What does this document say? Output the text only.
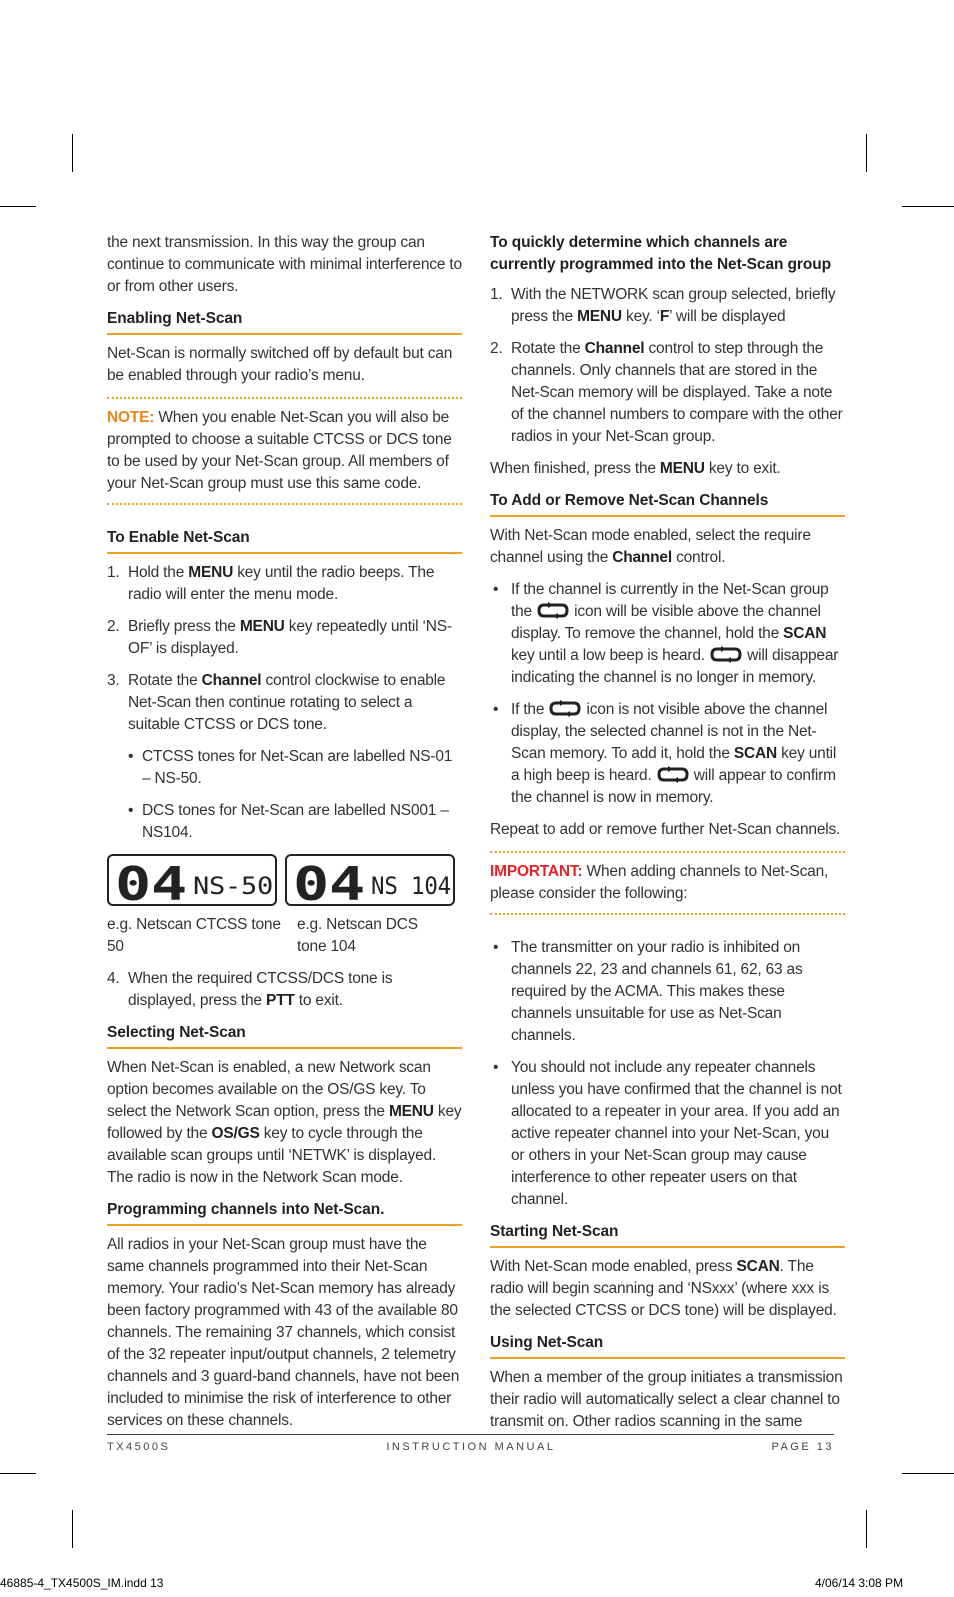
the next transmission. In this way the group can continue to communicate with minimal interference to or from other users.

Enabling Net-Scan

Net-Scan is normally switched off by default but can be enabled through your radio’s menu.

NOTE: When you enable Net-Scan you will also be prompted to choose a suitable CTCSS or DCS tone to be used by your Net-Scan group. All members of your Net-Scan group must use this same code.
To Enable Net-Scan
1. Hold the MENU key until the radio beeps. The radio will enter the menu mode.
2. Briefly press the MENU key repeatedly until ‘NS-OF’ is displayed.
3. Rotate the Channel control clockwise to enable Net-Scan then continue rotating to select a suitable CTCSS or DCS tone.
• CTCSS tones for Net-Scan are labelled NS-01 – NS-50.
• DCS tones for Net-Scan are labelled NS001 – NS104.
04 NS-50 04 NS 104
e.g. Netscan CTCSS tone 50
e.g. Netscan DCS tone 104
4. When the required CTCSS/DCS tone is displayed, press the PTT to exit.
Selecting Net-Scan

When Net-Scan is enabled, a new Network scan option becomes available on the OS/GS key. To select the Network Scan option, press the MENU key followed by the OS/GS key to cycle through the available scan groups until ‘NETWK’ is displayed.

The radio is now in the Network Scan mode.

Programming channels into Net-Scan.

All radios in your Net-Scan group must have the same channels programmed into their Net-Scan memory. Your radio’s Net-Scan memory has already been factory programmed with 43 of the available 80 channels. The remaining 37 channels, which consist of the 32 repeater input/output channels, 2 telemetry channels and 3 guard-band channels, have not been included to minimise the risk of interference to other services on these channels.

To quickly determine which channels are currently programmed into the Net-Scan group
1. With the NETWORK scan group selected, briefly press the MENU key. ‘F’ will be displayed
2. Rotate the Channel control to step through the channels. Only channels that are stored in the Net-Scan memory will be displayed. Take a note of the channel numbers to compare with the other radios in your Net-Scan group.

When finished, press the MENU key to exit.

To Add or Remove Net-Scan Channels

With Net-Scan mode enabled, select the require channel using the Channel control.

• If the channel is currently in the Net-Scan group the  icon will be visible above the channel display. To remove the channel, hold the SCAN key until a low beep is heard.  will disappear indicating the channel is no longer in memory.
• If the  icon is not visible above the channel display, the selected channel is not in the Net-Scan memory. To add it, hold the SCAN key until a high beep is heard.  will appear to confirm the channel is now in memory.

Repeat to add or remove further Net-Scan channels.

IMPORTANT: When adding channels to Net-Scan, please consider the following:
• The transmitter on your radio is inhibited on channels 22, 23 and channels 61, 62, 63 as required by the ACMA. This makes these channels unsuitable for use as Net-Scan channels.
• You should not include any repeater channels unless you have confirmed that the channel is not allocated to a repeater in your area. If you add an active repeater channel into your Net-Scan, you or others in your Net-Scan group may cause interference to other repeater users on that channel.
Starting Net-Scan

With Net-Scan mode enabled, press SCAN. The radio will begin scanning and ‘NSxxx’ (where xxx is the selected CTCSS or DCS tone) will be displayed.

Using Net-Scan

When a member of the group initiates a transmission their radio will automatically select a clear channel to transmit on. Other radios scanning in the same

TX4500S	INSTRUCTION MANUAL	PAGE 13
46885-4_TX4500S_IM.indd 13	4/06/14 3:08 PM
